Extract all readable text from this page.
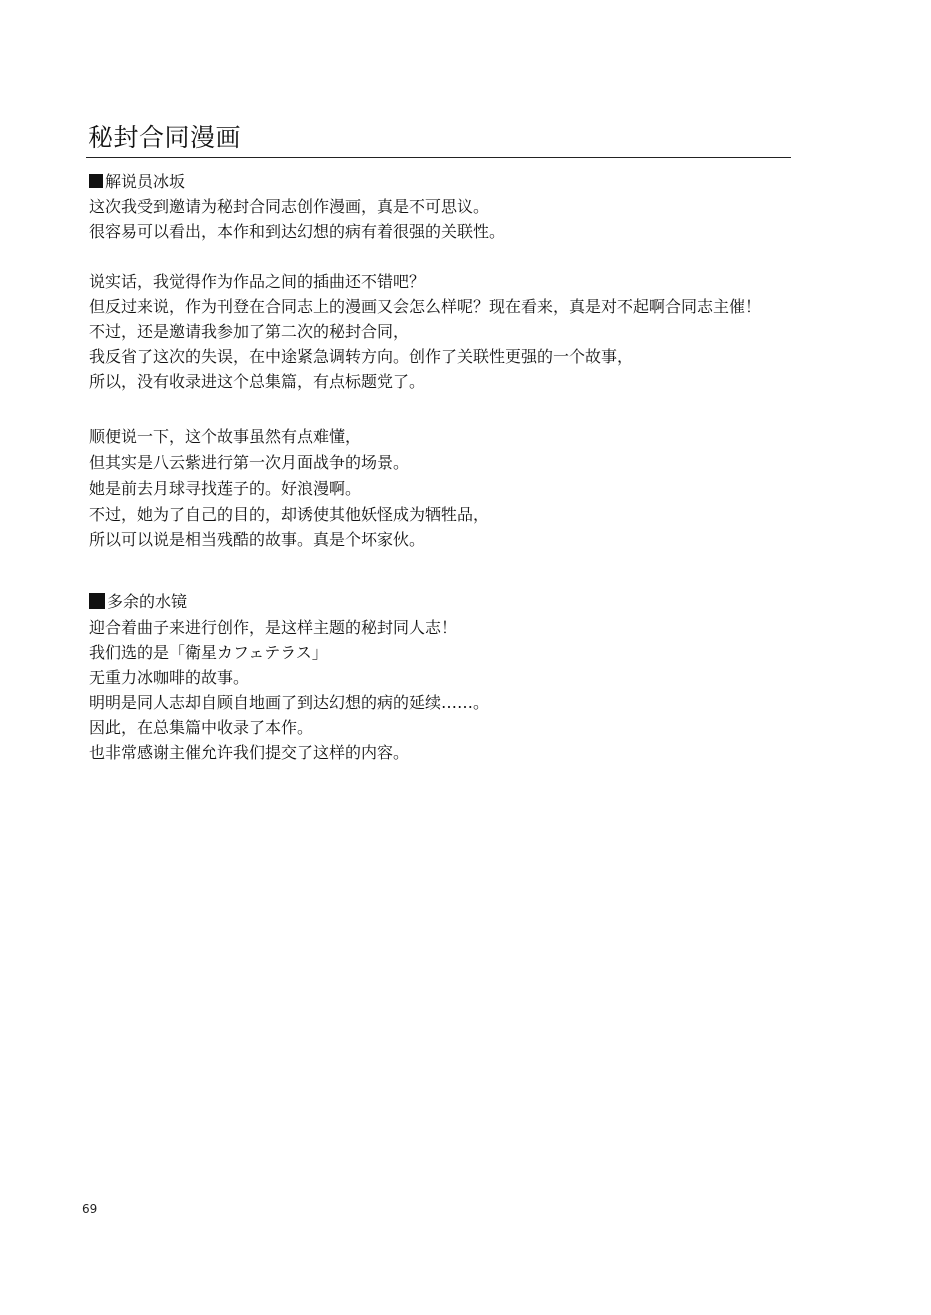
秘封合同漫画
解说员冰坂
这次我受到邀请为秘封合同志创作漫画，真是不可思议。
很容易可以看出，本作和到达幻想的病有着很强的关联性。
说实话，我觉得作为作品之间的插曲还不错吧？
但反过来说，作为刊登在合同志上的漫画又会怎么样呢？现在看来，真是对不起啊合同志主催！
不过，还是邀请我参加了第二次的秘封合同，
我反省了这次的失误，在中途紧急调转方向。创作了关联性更强的一个故事，
所以，没有收录进这个总集篇，有点标题党了。
顺便说一下，这个故事虽然有点难懂，
但其实是八云紫进行第一次月面战争的场景。
她是前去月球寻找莲子的。好浪漫啊。
不过，她为了自己的目的，却诱使其他妖怪成为牺牲品，
所以可以说是相当残酷的故事。真是个坏家伙。
多余的水镜
迎合着曲子来进行创作，是这样主题的秘封同人志！
我们选的是「衛星カフェテラス」
无重力冰咖啡的故事。
明明是同人志却自顾自地画了到达幻想的病的延续……。
因此，在总集篇中收录了本作。
也非常感谢主催允许我们提交了这样的内容。
69
